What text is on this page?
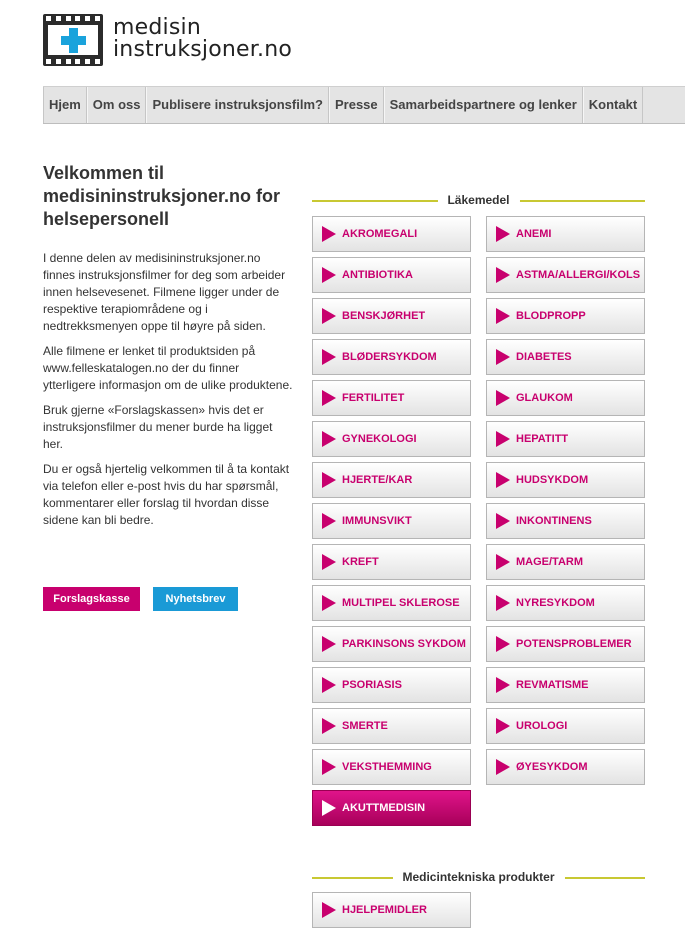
medisin
instruksjoner.no
Hjem Om oss Publisere instruksjonsfilm? Presse Samarbeidspartnere og lenker Kontakt
Velkommen til medisininstruksjoner.no for helsepersonell

I denne delen av medisininstruksjoner.no finnes instruksjonsfilmer for deg som arbeider innen helsevesenet. Filmene ligger under de respektive terapiområdene og i nedtrekksmenyen oppe til høyre på siden.

Alle filmene er lenket til produktsiden på www.felleskatalogen.no der du finner ytterligere informasjon om de ulike produktene.

Bruk gjerne «Forslagskassen» hvis det er instruksjonsfilmer du mener burde ha ligget her.

Du er også hjertelig velkommen til å ta kontakt via telefon eller e-post hvis du har spørsmål, kommentarer eller forslag til hvordan disse sidene kan bli bedre.

Forslagskasse	Nyhetsbrev
Läkemedel
AKROMEGALI	ANEMI
ANTIBIOTIKA	ASTMA/ALLERGI/KOLS
BENSKJØRHET	BLODPROPP
BLØDERSYKDOM	DIABETES
FERTILITET	GLAUKOM
GYNEKOLOGI	HEPATITT
HJERTE/KAR	HUDSYKDOM
IMMUNSVIKT	INKONTINENS
KREFT	MAGE/TARM
MULTIPEL SKLEROSE	NYRESYKDOM
PARKINSONS SYKDOM	POTENSPROBLEMER
PSORIASIS	REVMATISME
SMERTE	UROLOGI
VEKSTHEMMING	ØYESYKDOM
AKUTTMEDISIN
Medicintekniska produkter
HJELPEMIDLER
